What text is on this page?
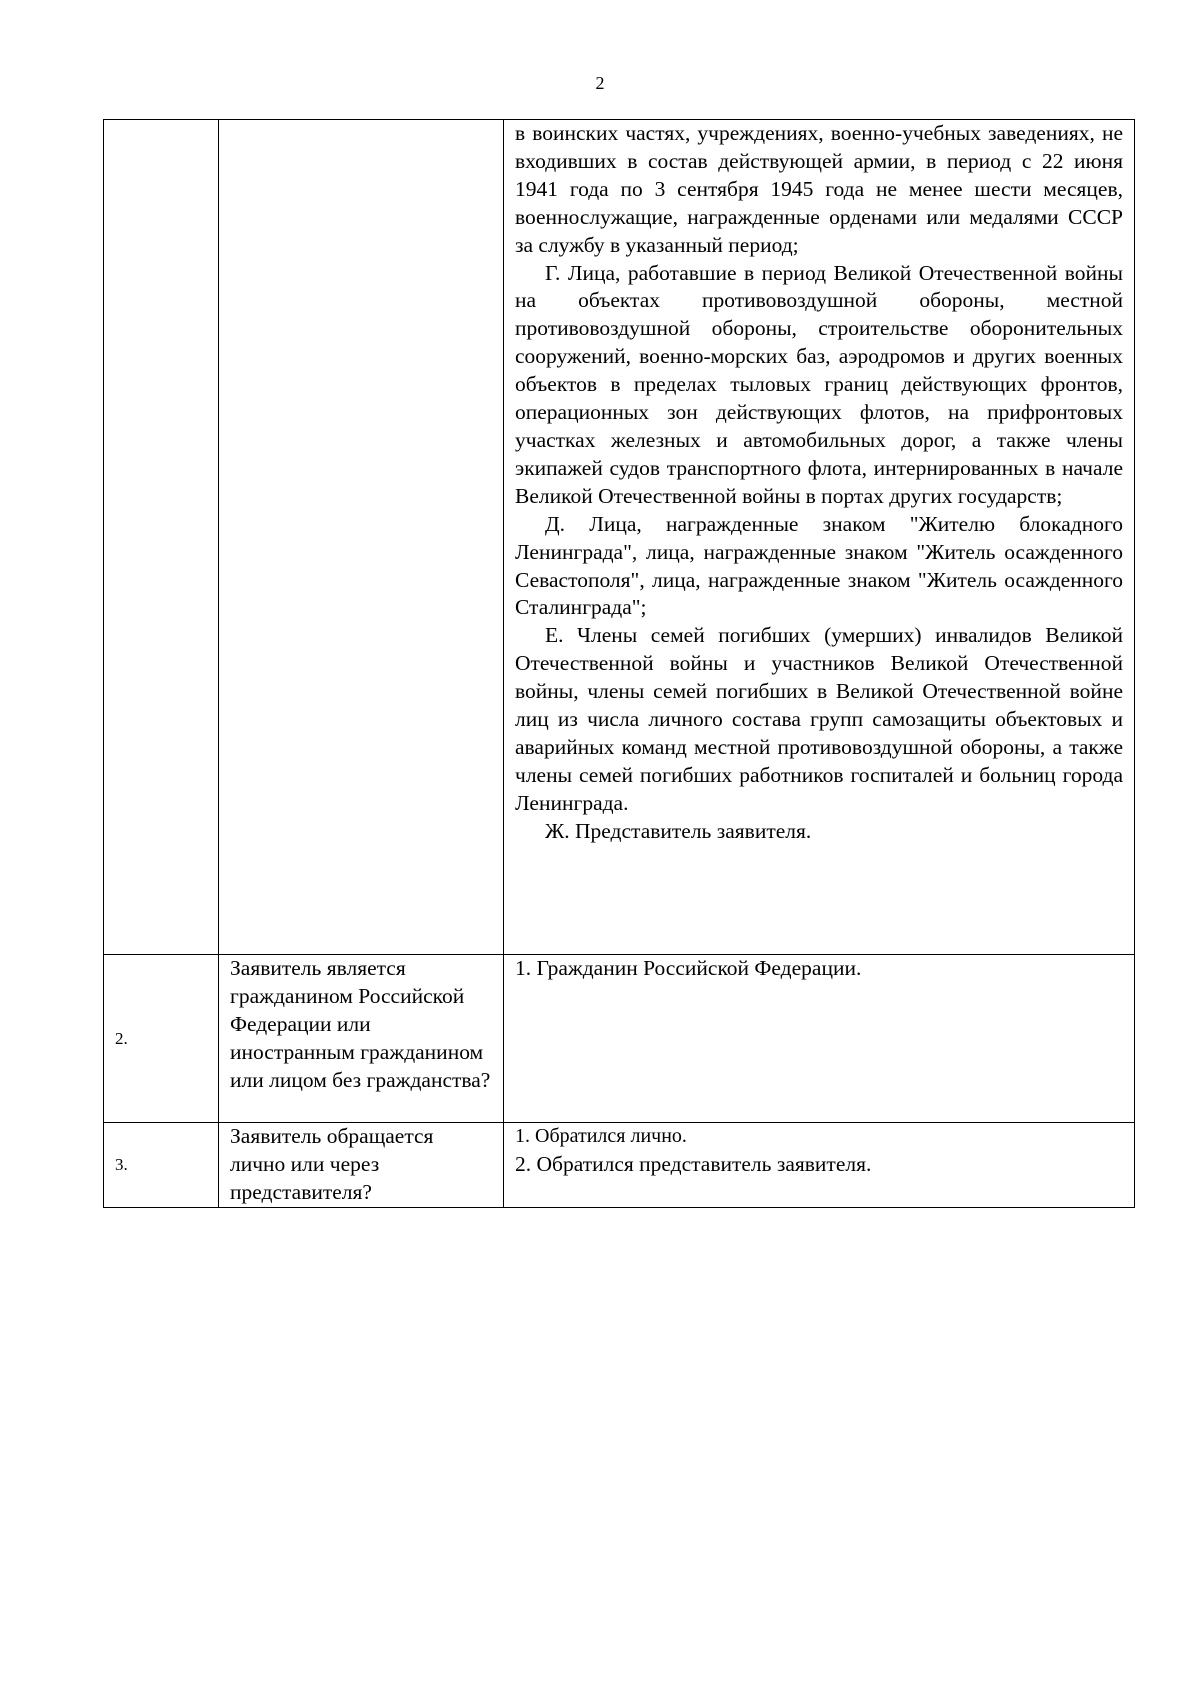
2

		в воинских частях, учреждениях, военно-учебных заведениях, не входивших в состав действующей армии, в период с 22 июня 1941 года по 3 сентября 1945 года не менее шести месяцев, военнослужащие, награжденные орденами или медалями СССР за службу в указанный период;

Г. Лица, работавшие в период Великой Отечественной войны на объектах противовоздушной обороны, местной противовоздушной обороны, строительстве оборонительных сооружений, военно-морских баз, аэродромов и других военных объектов в пределах тыловых границ действующих фронтов, операционных зон действующих флотов, на прифронтовых участках железных и автомобильных дорог, а также члены экипажей судов транспортного флота, интернированных в начале Великой Отечественной войны в портах других государств;

Д. Лица, награжденные знаком "Жителю блокадного Ленинграда", лица, награжденные знаком "Житель осажденного Севастополя", лица, награжденные знаком "Житель осажденного Сталинграда";

Е. Члены семей погибших (умерших) инвалидов Великой Отечественной войны и участников Великой Отечественной войны, члены семей погибших в Великой Отечественной войне лиц из числа личного состава групп самозащиты объектовых и аварийных команд местной противовоздушной обороны, а также члены семей погибших работников госпиталей и больниц города Ленинграда.

Ж. Представитель заявителя.

2.	Заявитель является гражданином Российской Федерации или иностранным гражданином или лицом без гражданства?	1. Гражданин Российской Федерации.

3.	Заявитель обращается лично или через представителя?	1. Обратился лично.
2. Обратился представитель заявителя.
